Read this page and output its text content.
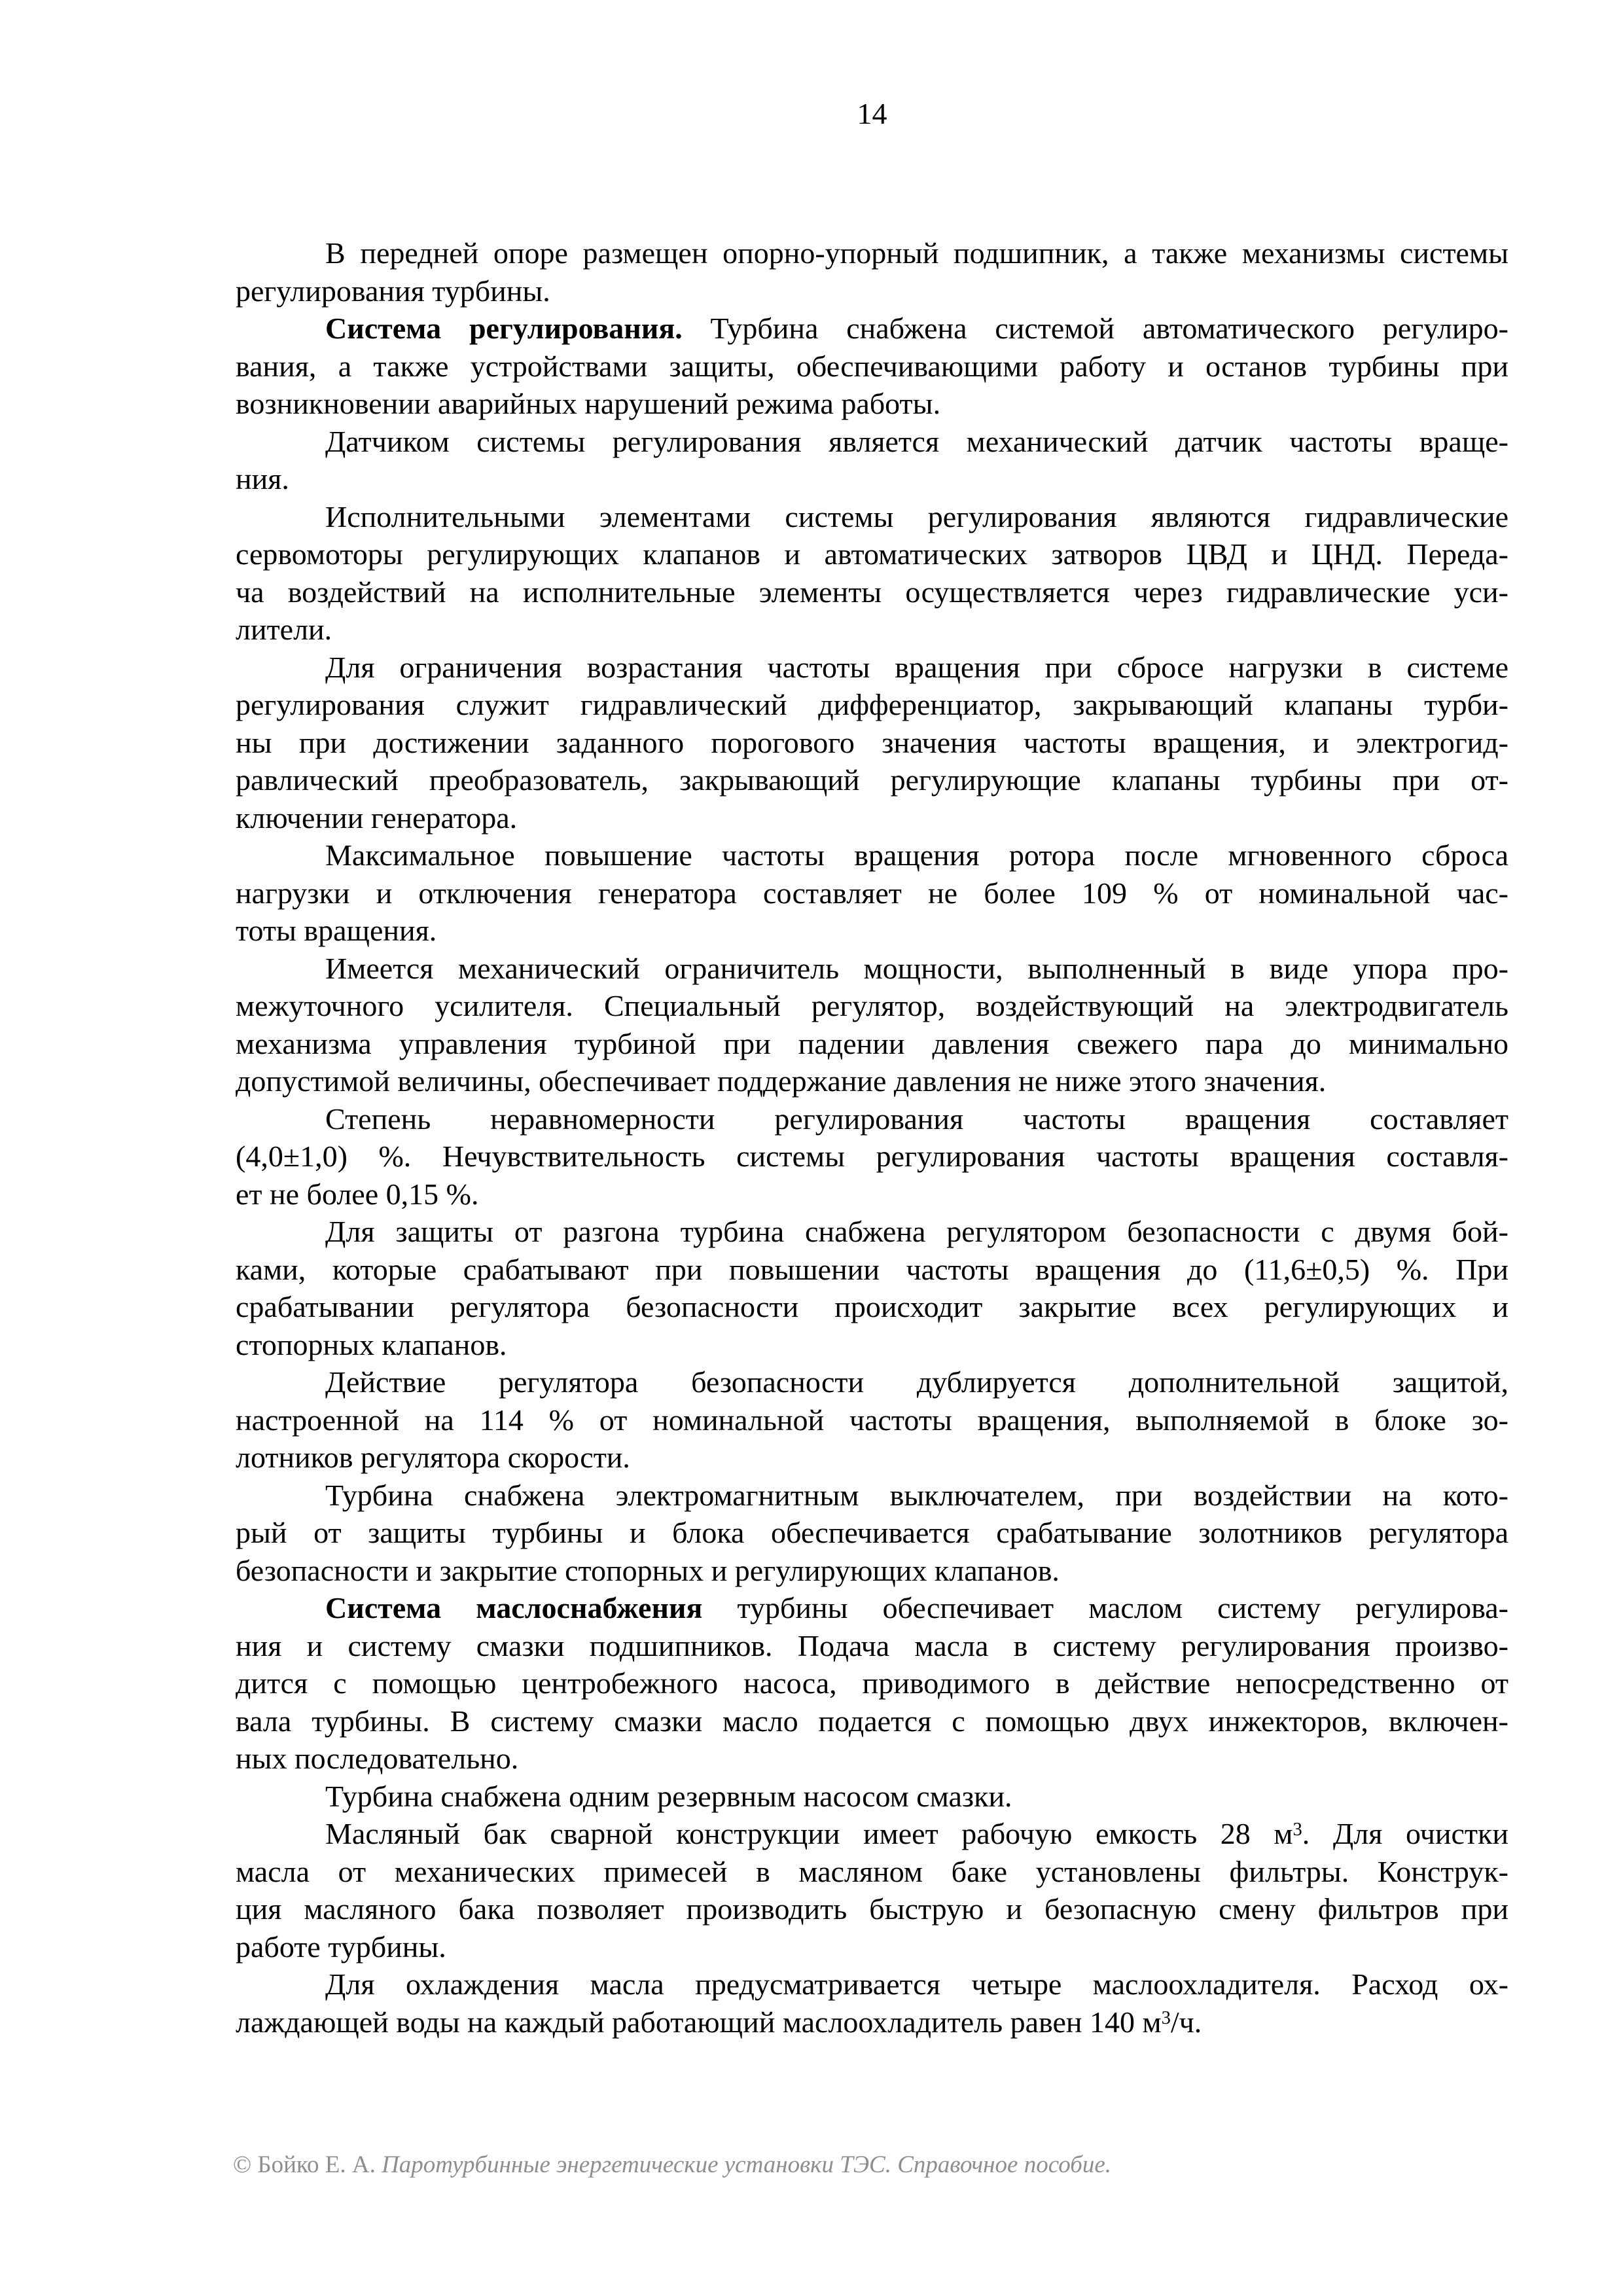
14
В передней опоре размещен опорно-упорный подшипник, а также механизмы системы
регулирования турбины.
Система регулирования. Турбина снабжена системой автоматического регулиро-
вания, а также устройствами защиты, обеспечивающими работу и останов турбины при
возникновении аварийных нарушений режима работы.
Датчиком системы регулирования является механический датчик частоты враще-
ния.
Исполнительными элементами системы регулирования являются гидравлические
сервомоторы регулирующих клапанов и автоматических затворов ЦВД и ЦНД. Переда-
ча воздействий на исполнительные элементы осуществляется через гидравлические уси-
лители.
Для ограничения возрастания частоты вращения при сбросе нагрузки в системе
регулирования служит гидравлический дифференциатор, закрывающий клапаны турби-
ны при достижении заданного порогового значения частоты вращения, и электрогид-
равлический преобразователь, закрывающий регулирующие клапаны турбины при от-
ключении генератора.
Максимальное повышение частоты вращения ротора после мгновенного сброса
нагрузки и отключения генератора составляет не более 109 % от номинальной час-
тоты вращения.
Имеется механический ограничитель мощности, выполненный в виде упора про-
межуточного усилителя. Специальный регулятор, воздействующий на электродвигатель
механизма управления турбиной при падении давления свежего пара до минимально
допустимой величины, обеспечивает поддержание давления не ниже этого значения.
Степень неравномерности регулирования частоты вращения составляет
(4,0±1,0) %. Нечувствительность системы регулирования частоты вращения составля-
ет не более 0,15 %.
Для защиты от разгона турбина снабжена регулятором безопасности с двумя бой-
ками, которые срабатывают при повышении частоты вращения до (11,6±0,5) %. При
срабатывании регулятора безопасности происходит закрытие всех регулирующих и
стопорных клапанов.
Действие регулятора безопасности дублируется дополнительной защитой,
настроенной на 114 % от номинальной частоты вращения, выполняемой в блоке зо-
лотников регулятора скорости.
Турбина снабжена электромагнитным выключателем, при воздействии на кото-
рый от защиты турбины и блока обеспечивается срабатывание золотников регулятора
безопасности и закрытие стопорных и регулирующих клапанов.
Система маслоснабжения турбины обеспечивает маслом систему регулирова-
ния и систему смазки подшипников. Подача масла в систему регулирования произво-
дится с помощью центробежного насоса, приводимого в действие непосредственно от
вала турбины. В систему смазки масло подается с помощью двух инжекторов, включен-
ных последовательно.
Турбина снабжена одним резервным насосом смазки.
Масляный бак сварной конструкции имеет рабочую емкость 28 $м^3$. Для очистки
масла от механических примесей в масляном баке установлены фильтры. Конструк-
ция масляного бака позволяет производить быструю и безопасную смену фильтров при
работе турбины.
Для охлаждения масла предусматривается четыре маслоохладителя. Расход ох-
лаждающей воды на каждый работающий маслоохладитель равен 140 $м^3/ч$.
© Бойко Е. А. Паротурбинные энергетические установки ТЭС. Справочное пособие.
